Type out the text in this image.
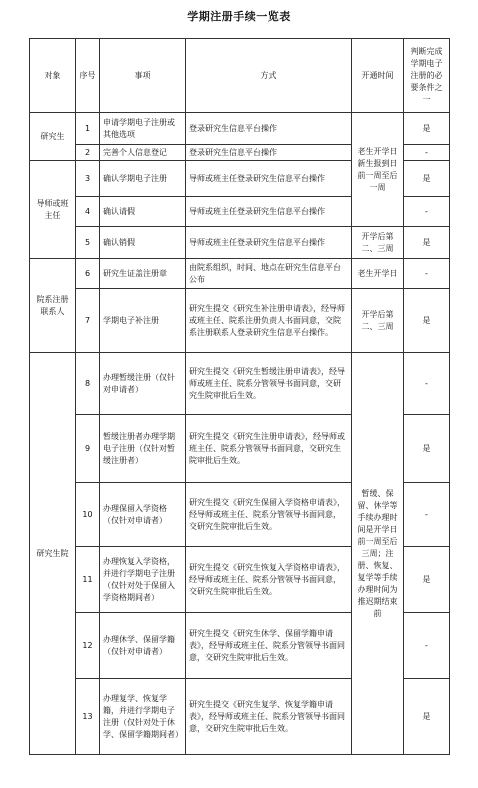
学期注册手续一览表
对象	序号	事项	方式	开通时间	判断完成学期电子注册的必要条件之一
研究生	1	申请学期电子注册或其他选项	登录研究生信息平台操作	老生开学日新生报到日前一周至后一周	是
	2	完善个人信息登记	登录研究生信息平台操作		-
导师或班主任	3	确认学期电子注册	导师或班主任登录研究生信息平台操作		是
	4	确认请假	导师或班主任登录研究生信息平台操作		-
	5	确认销假	导师或班主任登录研究生信息平台操作	开学后第二、三周	是
院系注册联系人	6	研究生证盖注册章	由院系组织，时间、地点在研究生信息平台公布	老生开学日	-
	7	学期电子补注册	研究生提交《研究生补注册申请表》，经导师或班主任、院系注册负责人书面同意，交院系注册联系人登录研究生信息平台操作。	开学后第二、三周	是
研究生院	8	办理暂缓注册（仅针对申请者）	研究生提交《研究生暂缓注册申请表》，经导师或班主任、院系分管领导书面同意，交研究生院审批后生效。	暂缓、保留、休学等手续办理时间是开学日前一周至后三周；注册、恢复、复学等手续办理时间为推迟期结束前	-
	9	暂缓注册者办理学期电子注册（仅针对暂缓注册者）	研究生提交《研究生注册申请表》，经导师或班主任、院系分管领导书面同意，交研究生院审批后生效。		是
	10	办理保留入学资格（仅针对申请者）	研究生提交《研究生保留入学资格申请表》，经导师或班主任、院系分管领导书面同意，交研究生院审批后生效。		-
	11	办理恢复入学资格，并进行学期电子注册（仅针对处于保留入学资格期间者）	研究生提交《研究生恢复入学资格申请表》，经导师或班主任、院系分管领导书面同意，交研究生院审批后生效。		是
	12	办理休学、保留学籍（仅针对申请者）	研究生提交《研究生休学、保留学籍申请表》，经导师或班主任、院系分管领导书面同意，交研究生院审批后生效。		-
	13	办理复学、恢复学籍，并进行学期电子注册（仅针对处于休学、保留学籍期间者）	研究生提交《研究生复学、恢复学籍申请表》，经导师或班主任、院系分管领导书面同意，交研究生院审批后生效。		是
